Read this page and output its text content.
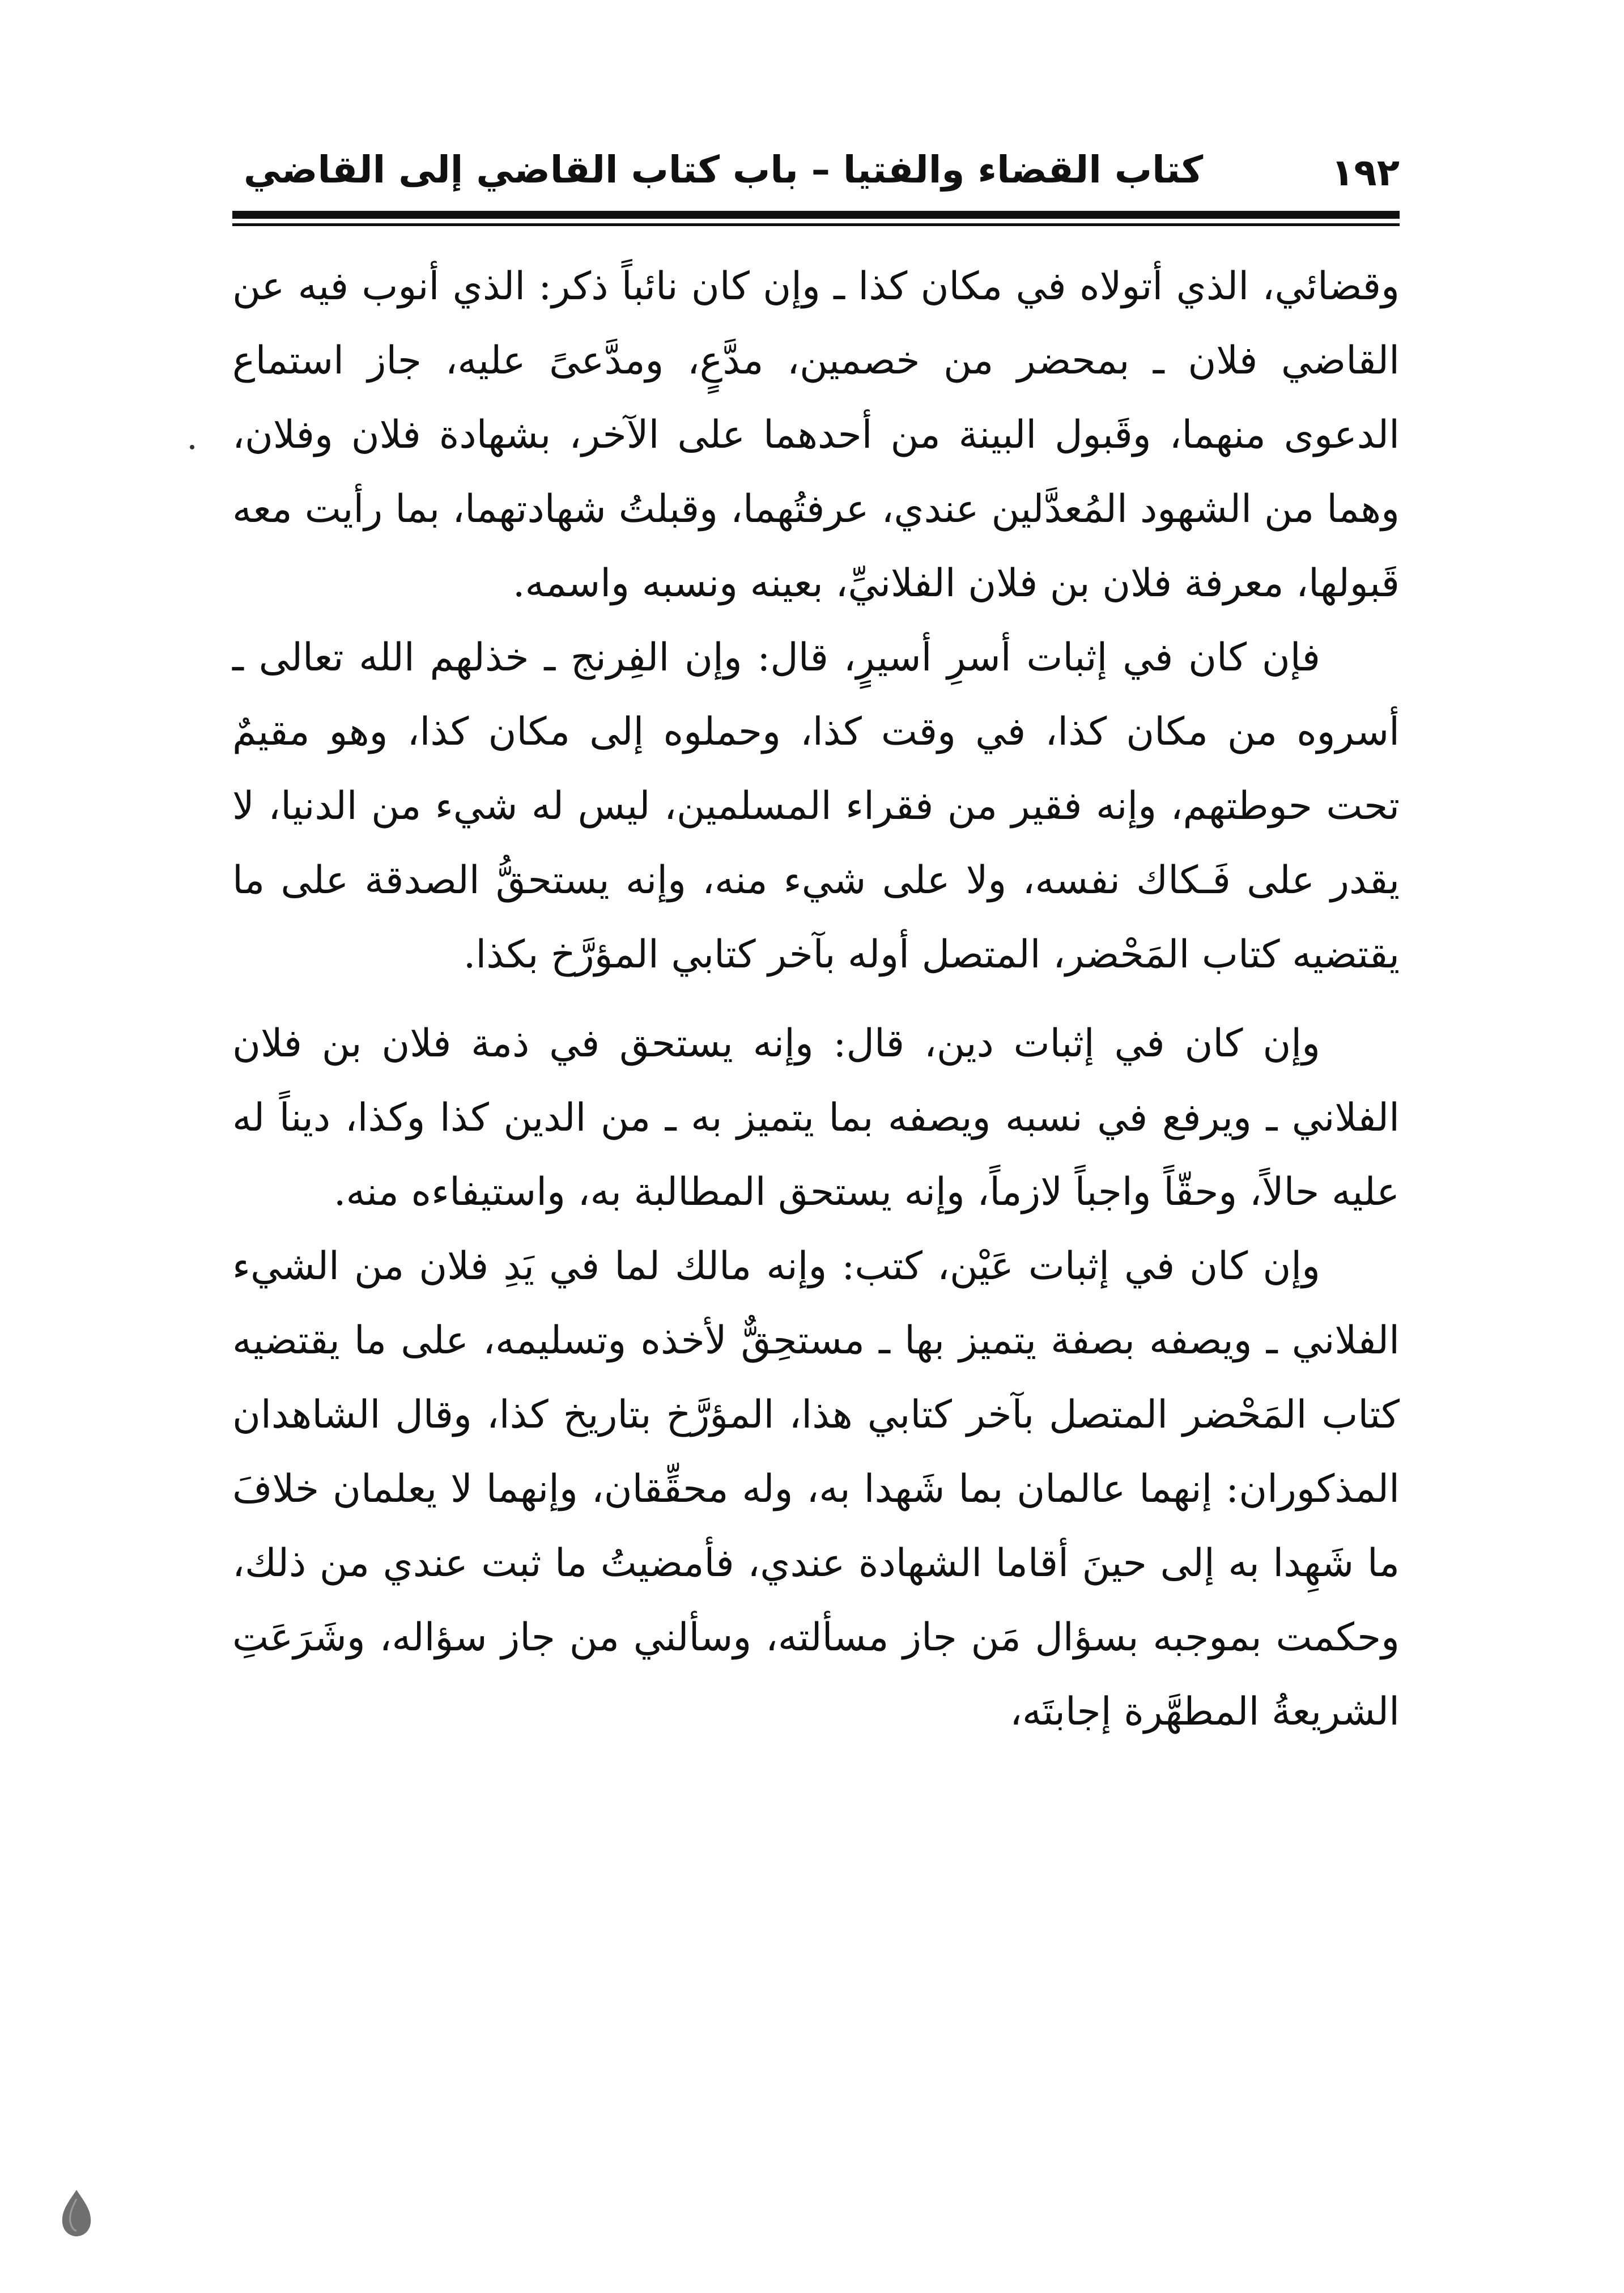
١٩٢
كتاب القضاء والفتيا – باب كتاب القاضي إلى القاضي

وقضائي، الذي أتولاه في مكان كذا ـ وإن كان نائباً ذكر: الذي أنوب فيه عن القاضي فلان ـ بمحضر من خصمين، مدَّعٍ، ومدَّعىً عليه، جاز استماع الدعوى منهما، وقَبول البينة من أحدهما على الآخر، بشهادة فلان وفلان، وهما من الشهود المُعدَّلين عندي، عرفتُهما، وقبلتُ شهادتهما، بما رأيت معه قَبولها، معرفة فلان بن فلان الفلانيِّ، بعينه ونسبه واسمه.

فإن كان في إثبات أسرِ أسيرٍ، قال: وإن الفِرنج ـ خذلهم الله تعالى ـ أسروه من مكان كذا، في وقت كذا، وحملوه إلى مكان كذا، وهو مقيمٌ تحت حوطتهم، وإنه فقير من فقراء المسلمين، ليس له شيء من الدنيا، لا يقدر على فَـكاك نفسه، ولا على شيء منه، وإنه يستحقُّ الصدقة على ما يقتضيه كتاب المَحْضر، المتصل أوله بآخر كتابي المؤرَّخ بكذا.

وإن كان في إثبات دين، قال: وإنه يستحق في ذمة فلان بن فلان الفلاني ـ ويرفع في نسبه ويصفه بما يتميز به ـ من الدين كذا وكذا، ديناً له عليه حالاً، وحقّاً واجباً لازماً، وإنه يستحق المطالبة به، واستيفاءه منه.

وإن كان في إثبات عَيْن، كتب: وإنه مالك لما في يَدِ فلان من الشيء الفلاني ـ ويصفه بصفة يتميز بها ـ مستحِقٌّ لأخذه وتسليمه، على ما يقتضيه كتاب المَحْضر المتصل بآخر كتابي هذا، المؤرَّخ بتاريخ كذا، وقال الشاهدان المذكوران: إنهما عالمان بما شَهدا به، وله محقِّقان، وإنهما لا يعلمان خلافَ ما شَهِدا به إلى حينَ أقاما الشهادة عندي، فأمضيتُ ما ثبت عندي من ذلك، وحكمت بموجبه بسؤال مَن جاز مسألته، وسألني من جاز سؤاله، وشَرَعَتِ الشريعةُ المطهَّرة إجابتَه،
